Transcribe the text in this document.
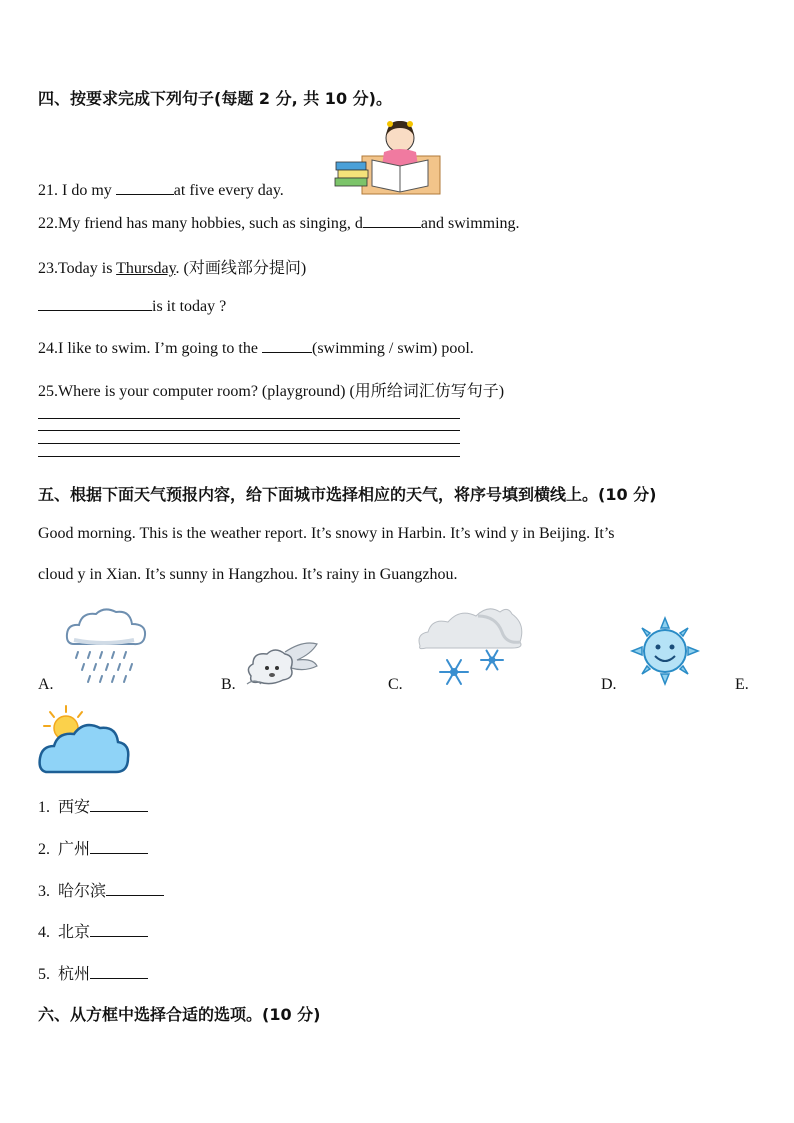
四、按要求完成下列句子(每题 2 分, 共 10 分)。
21. I do my	at five every day.
22.My friend has many hobbies, such as singing, d	and swimming.
23.Today is Thursday. (对画线部分提问)
is it today ?
24.I like to swim. I’m going to the	(swimming / swim) pool.
25.Where is your computer room? (playground) (用所给词汇仿写句子)
五、根据下面天气预报内容，给下面城市选择相应的天气，将序号填到横线上。(10 分)
Good morning. This is the weather report. It’s snowy in Harbin. It’s wind y in Beijing. It’s
cloud y in Xian. It’s sunny in Hangzhou. It’s rainy in Guangzhou.
A.	B.	C.	D.	E.
1. 西安
2. 广州
3. 哈尔滨
4. 北京
5. 杭州
六、从方框中选择合适的选项。(10 分)
